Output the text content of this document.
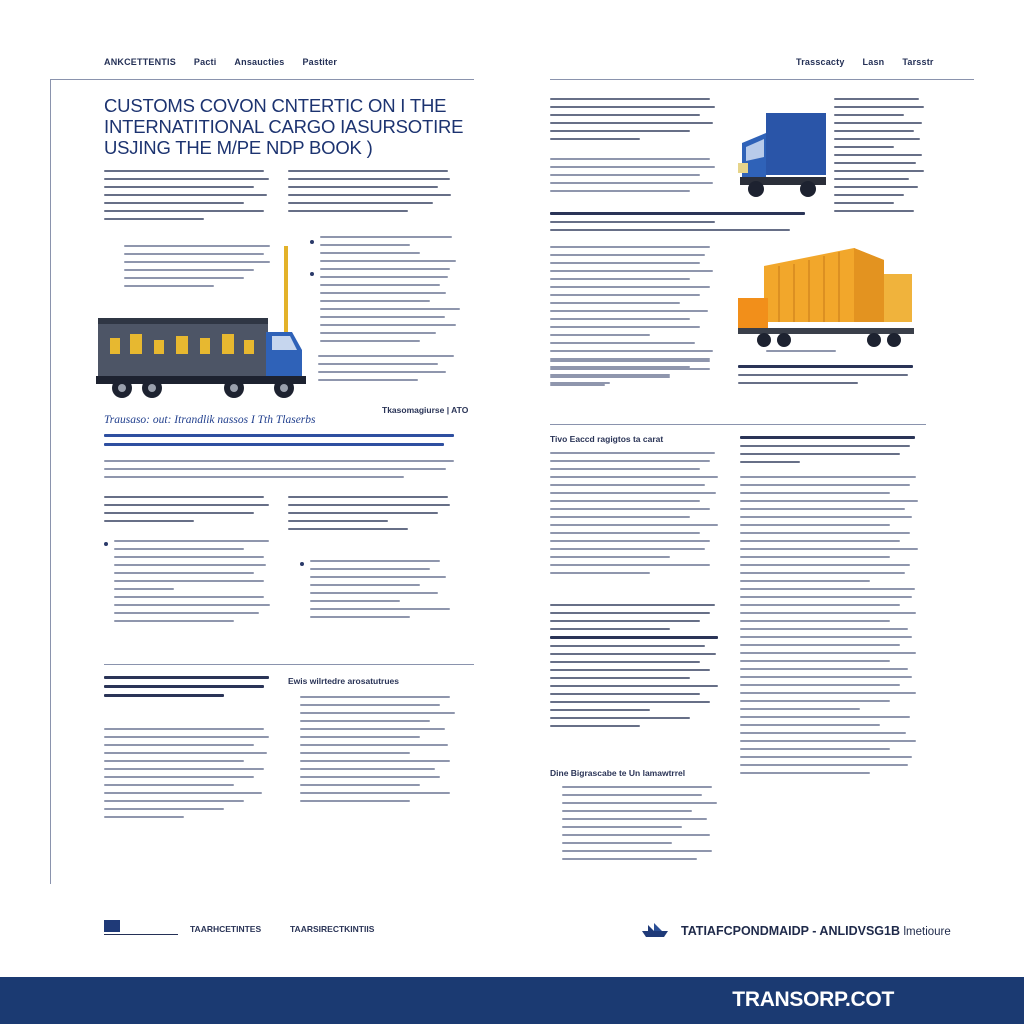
ANKCETTENTIS Pacti Ansaucties Pastiter	Trasscacty Lasn Tarsstr
CUSTOMS COVON CNTERTIC ON I THE
INTERNATITIONAL CARGO IASURSOTIRE
USJING THE M/PE NDP BOOK )
Trausaso: out: Itrandlik nassos I Tth Tlaserbs
Tkasomagiurse | ATO
Ewis wilrtedre arosatutrues
Tivo Eaccd ragigtos ta carat
Dine Bigrascabe te Un lamawtrrel
TAARHCETINTES	TAARSIRECTKINTIIS	TATIAFCPONDMAIDP - ANLIDVSG1B lmetioure
TRANSORP.COT
